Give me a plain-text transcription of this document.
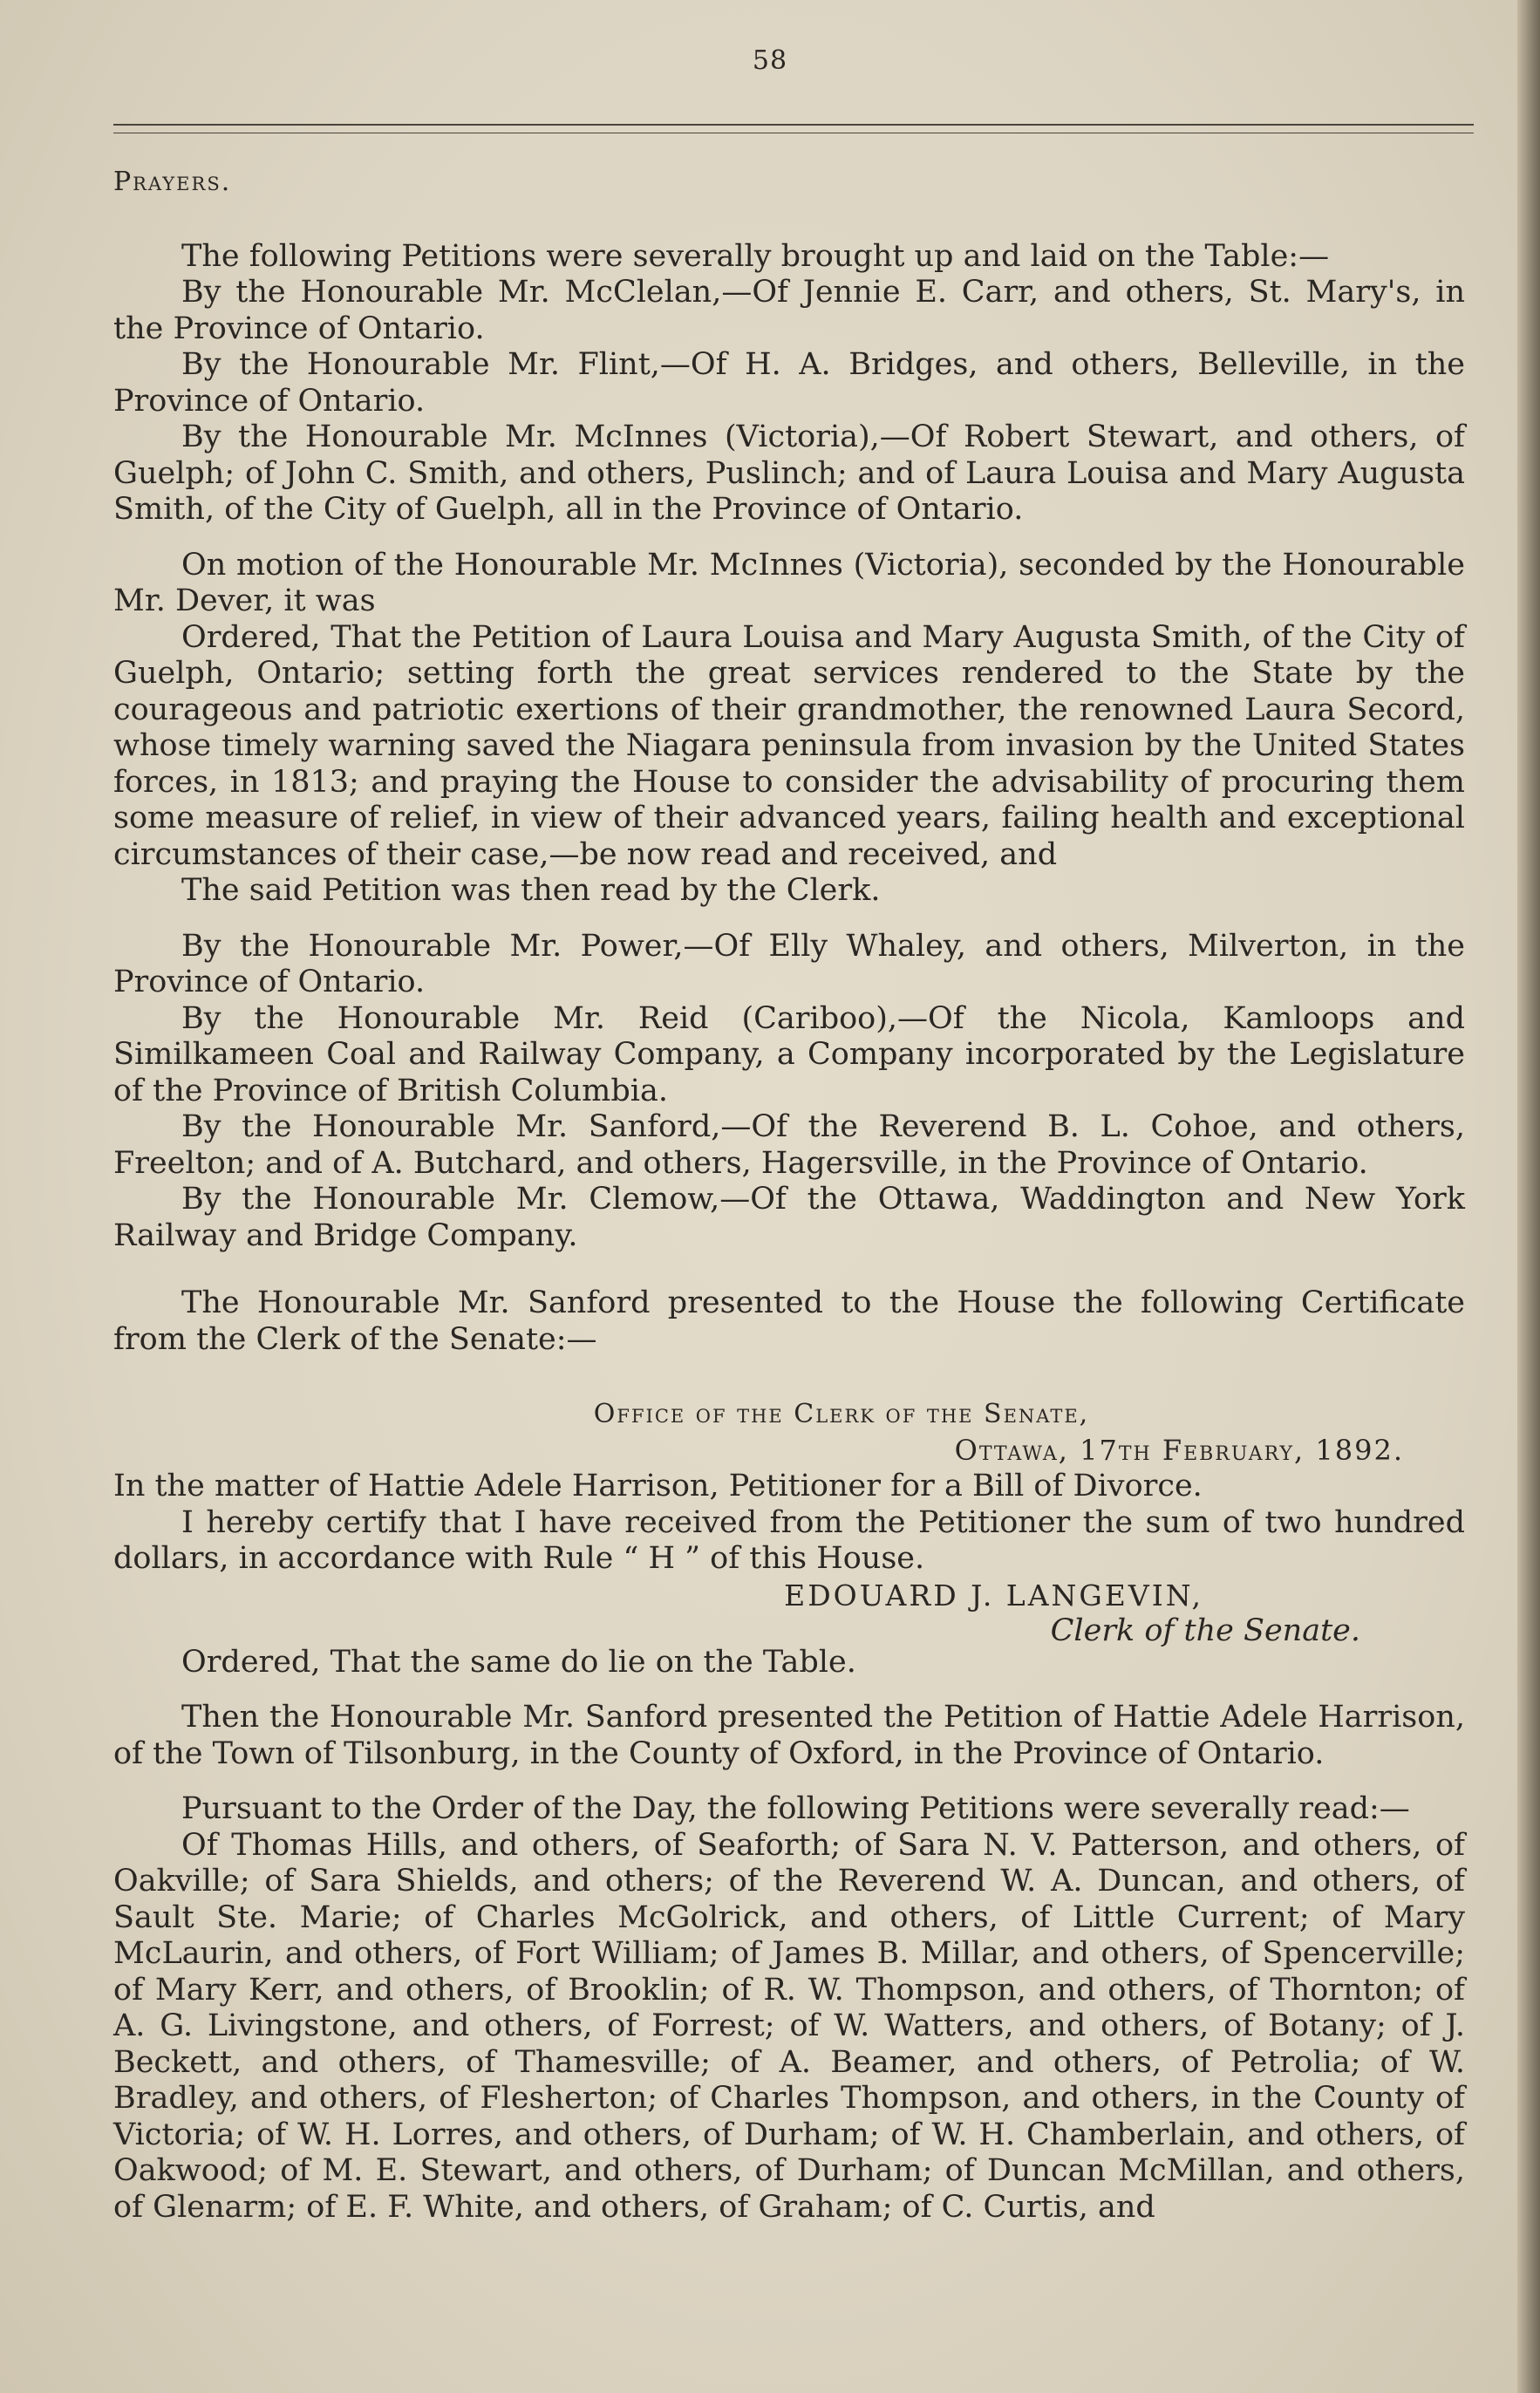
58

Prayers.

The following Petitions were severally brought up and laid on the Table:—

By the Honourable Mr. McClelan,—Of Jennie E. Carr, and others, St. Mary's, in the Province of Ontario.

By the Honourable Mr. Flint,—Of H. A. Bridges, and others, Belleville, in the Province of Ontario.

By the Honourable Mr. McInnes (Victoria),—Of Robert Stewart, and others, of Guelph; of John C. Smith, and others, Puslinch; and of Laura Louisa and Mary Augusta Smith, of the City of Guelph, all in the Province of Ontario.

On motion of the Honourable Mr. McInnes (Victoria), seconded by the Honourable Mr. Dever, it was

Ordered, That the Petition of Laura Louisa and Mary Augusta Smith, of the City of Guelph, Ontario; setting forth the great services rendered to the State by the courageous and patriotic exertions of their grandmother, the renowned Laura Secord, whose timely warning saved the Niagara peninsula from invasion by the United States forces, in 1813; and praying the House to consider the advisability of procuring them some measure of relief, in view of their advanced years, failing health and exceptional circumstances of their case,—be now read and received, and

The said Petition was then read by the Clerk.

By the Honourable Mr. Power,—Of Elly Whaley, and others, Milverton, in the Province of Ontario.

By the Honourable Mr. Reid (Cariboo),—Of the Nicola, Kamloops and Similkameen Coal and Railway Company, a Company incorporated by the Legislature of the Province of British Columbia.

By the Honourable Mr. Sanford,—Of the Reverend B. L. Cohoe, and others, Freelton; and of A. Butchard, and others, Hagersville, in the Province of Ontario.

By the Honourable Mr. Clemow,—Of the Ottawa, Waddington and New York Railway and Bridge Company.

The Honourable Mr. Sanford presented to the House the following Certificate from the Clerk of the Senate:—

Office of the Clerk of the Senate,

Ottawa, 17th February, 1892.

In the matter of Hattie Adele Harrison, Petitioner for a Bill of Divorce.

I hereby certify that I have received from the Petitioner the sum of two hundred dollars, in accordance with Rule “ H ” of this House.

EDOUARD J. LANGEVIN,

Clerk of the Senate.

Ordered, That the same do lie on the Table.

Then the Honourable Mr. Sanford presented the Petition of Hattie Adele Harrison, of the Town of Tilsonburg, in the County of Oxford, in the Province of Ontario.

Pursuant to the Order of the Day, the following Petitions were severally read:—

Of Thomas Hills, and others, of Seaforth; of Sara N. V. Patterson, and others, of Oakville; of Sara Shields, and others; of the Reverend W. A. Duncan, and others, of Sault Ste. Marie; of Charles McGolrick, and others, of Little Current; of Mary McLaurin, and others, of Fort William; of James B. Millar, and others, of Spencerville; of Mary Kerr, and others, of Brooklin; of R. W. Thompson, and others, of Thornton; of A. G. Livingstone, and others, of Forrest; of W. Watters, and others, of Botany; of J. Beckett, and others, of Thamesville; of A. Beamer, and others, of Petrolia; of W. Bradley, and others, of Flesherton; of Charles Thompson, and others, in the County of Victoria; of W. H. Lorres, and others, of Durham; of W. H. Chamberlain, and others, of Oakwood; of M. E. Stewart, and others, of Durham; of Duncan McMillan, and others, of Glenarm; of E. F. White, and others, of Graham; of C. Curtis, and
